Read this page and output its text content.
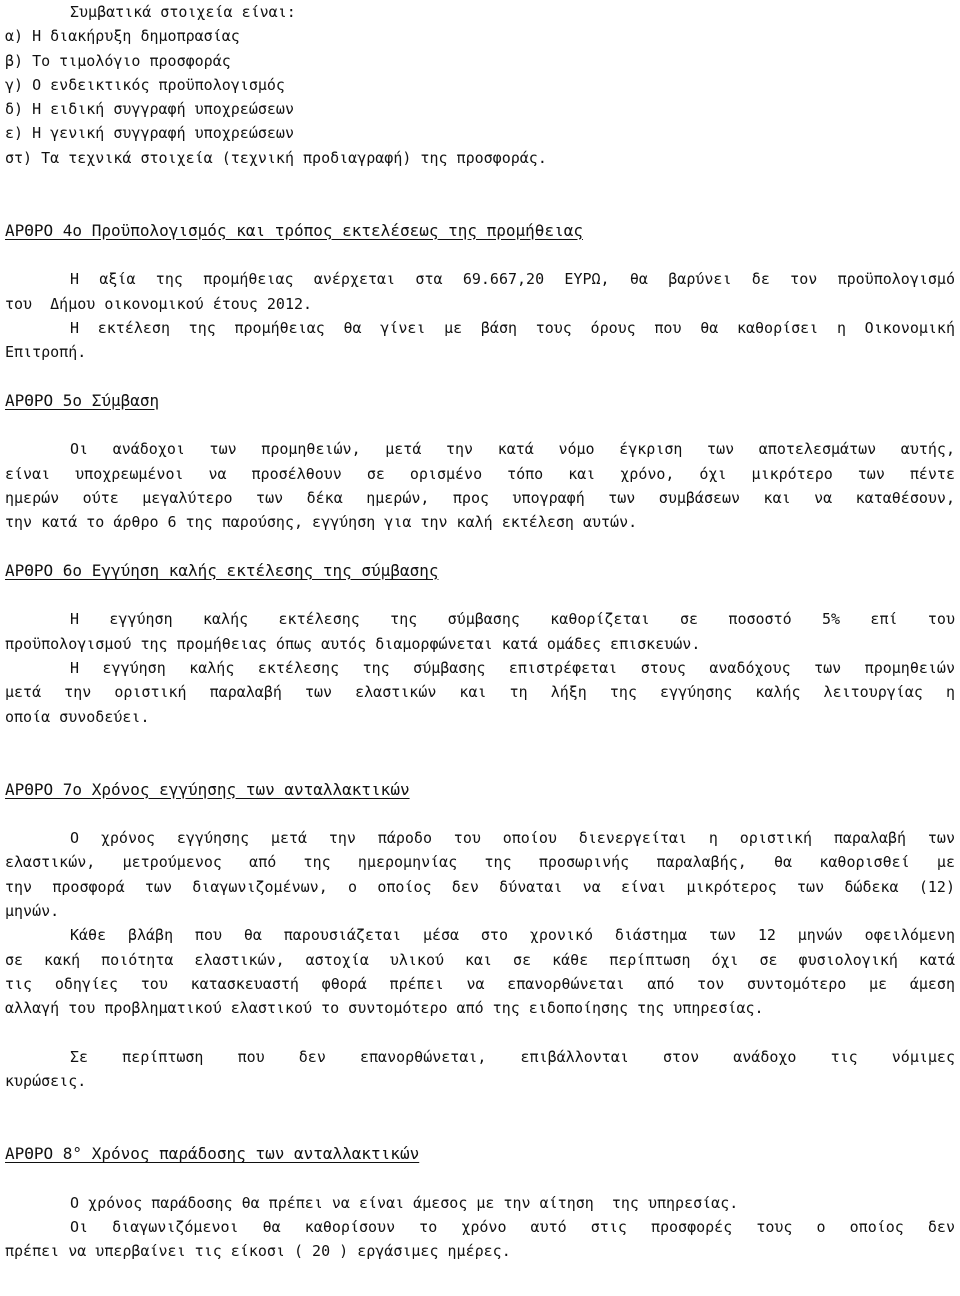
Συμβατικά στοιχεία είναι:
α) Η διακήρυξη δημοπρασίας
β) Το τιμολόγιο προσφοράς
γ) Ο ενδεικτικός προϋπολογισμός
δ) Η ειδική συγγραφή υποχρεώσεων
ε) Η γενική συγγραφή υποχρεώσεων
στ) Τα τεχνικά στοιχεία (τεχνική προδιαγραφή) της προσφοράς.
ΑΡΘΡΟ 4ο Προϋπολογισμός και τρόπος εκτελέσεως της προμήθειας
Η αξία της προμήθειας ανέρχεται στα 69.667,20 ΕΥΡΩ, θα βαρύνει δε τον προϋπολογισμό
του  Δήμου οικονομικού έτους 2012.
Η εκτέλεση της προμήθειας θα γίνει με βάση τους όρους που θα καθορίσει η Οικονομική
Επιτροπή.
ΑΡΘΡΟ 5ο Σύμβαση
Οι ανάδοχοι των προμηθειών, μετά την κατά νόμο έγκριση των αποτελεσμάτων αυτής,
είναι υποχρεωμένοι να προσέλθουν σε ορισμένο τόπο και χρόνο, όχι μικρότερο των πέντε
ημερών ούτε μεγαλύτερο των δέκα ημερών, προς υπογραφή των συμβάσεων και να καταθέσουν,
την κατά το άρθρο 6 της παρούσης, εγγύηση για την καλή εκτέλεση αυτών.
ΑΡΘΡΟ 6ο Εγγύηση καλής εκτέλεσης της σύμβασης
Η εγγύηση καλής εκτέλεσης της σύμβασης καθορίζεται σε ποσοστό 5% επί του
προϋπολογισμού της προμήθειας όπως αυτός διαμορφώνεται κατά ομάδες επισκευών.
Η εγγύηση καλής εκτέλεσης της σύμβασης επιστρέφεται στους αναδόχους των προμηθειών
μετά την οριστική παραλαβή των ελαστικών και τη λήξη της εγγύησης καλής λειτουργίας η
οποία συνοδεύει.
ΑΡΘΡΟ 7ο Χρόνος εγγύησης των ανταλλακτικών
Ο χρόνος εγγύησης μετά την πάροδο του οποίου διενεργείται η οριστική παραλαβή των
ελαστικών, μετρούμενος από της ημερομηνίας της προσωρινής παραλαβής, θα καθορισθεί με
την προσφορά των διαγωνιζομένων, ο οποίος δεν δύναται να είναι μικρότερος των δώδεκα (12)
μηνών.
Κάθε βλάβη που θα παρουσιάζεται μέσα στο χρονικό διάστημα των 12 μηνών οφειλόμενη
σε κακή ποιότητα ελαστικών, αστοχία υλικού και σε κάθε περίπτωση όχι σε φυσιολογική κατά
τις οδηγίες του κατασκευαστή φθορά πρέπει να επανορθώνεται από τον συντομότερο με άμεση
αλλαγή του προβληματικού ελαστικού το συντομότερο από της ειδοποίησης της υπηρεσίας.
Σε περίπτωση που δεν επανορθώνεται, επιβάλλονται στον ανάδοχο τις νόμιμες
κυρώσεις.
ΑΡΘΡΟ 8° Χρόνος παράδοσης των ανταλλακτικών
Ο χρόνος παράδοσης θα πρέπει να είναι άμεσος με την αίτηση  της υπηρεσίας.
Οι διαγωνιζόμενοι θα καθορίσουν το χρόνο αυτό στις προσφορές τους ο οποίος δεν
πρέπει να υπερβαίνει τις είκοσι ( 20 ) εργάσιμες ημέρες.
